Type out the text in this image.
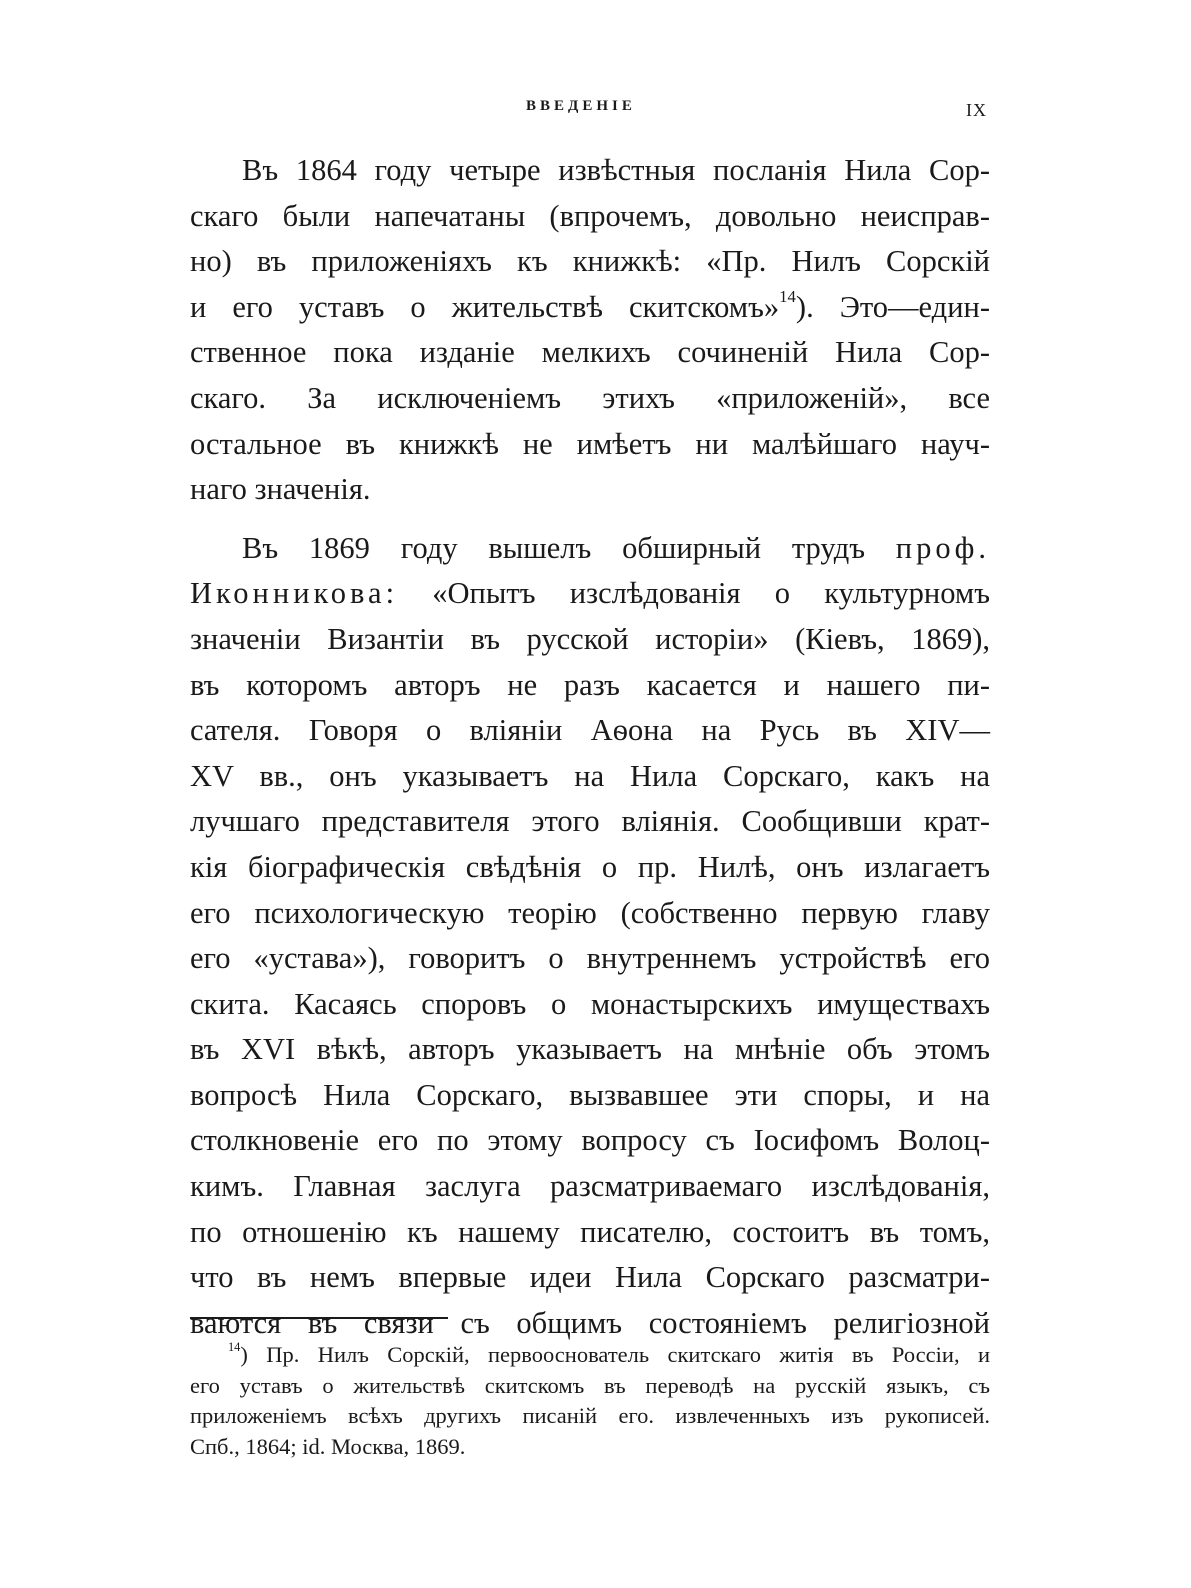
ВВЕДЕНІЕ	IX
Въ 1864 году четыре извѣстныя посланія Нила Сор-
скаго были напечатаны (впрочемъ, довольно неисправ-
но) въ приложеніяхъ къ книжкѣ: «Пр. Нилъ Сорскій
и его уставъ о жительствѣ скитскомъ»$^{14}$). Это—един-
ственное пока изданіе мелкихъ сочиненій Нила Сор-
скаго. За исключеніемъ этихъ «приложеній», все
остальное въ книжкѣ не имѣетъ ни малѣйшаго науч-
наго значенія.
Въ 1869 году вышелъ обширный трудъ проф.
Иконникова: «Опытъ изслѣдованія о культурномъ
значеніи Византіи въ русской исторіи» (Кіевъ, 1869),
въ которомъ авторъ не разъ касается и нашего пи-
сателя. Говоря о вліяніи Аѳона на Русь въ XIV—
XV вв., онъ указываетъ на Нила Сорскаго, какъ на
лучшаго представителя этого вліянія. Сообщивши крат-
кія біографическія свѣдѣнія о пр. Нилѣ, онъ излагаетъ
его психологическую теорію (собственно первую главу
его «устава»), говоритъ о внутреннемъ устройствѣ его
скита. Касаясь споровъ о монастырскихъ имуществахъ
въ XVI вѣкѣ, авторъ указываетъ на мнѣніе объ этомъ
вопросѣ Нила Сорскаго, вызвавшее эти споры, и на
столкновеніе его по этому вопросу съ Іосифомъ Волоц-
кимъ. Главная заслуга разсматриваемаго изслѣдованія,
по отношенію къ нашему писателю, состоитъ въ томъ,
что въ немъ впервые идеи Нила Сорскаго разсматри-
ваются въ связи съ общимъ состояніемъ религіозной
$^{14}$) Пр. Нилъ Сорскій, первооснователь скитскаго житія въ Россіи, и
его уставъ о жительствѣ скитскомъ въ переводѣ на русскій языкъ, съ
приложеніемъ всѣхъ другихъ писаній его. извлеченныхъ изъ рукописей.
Спб., 1864; id. Москва, 1869.
